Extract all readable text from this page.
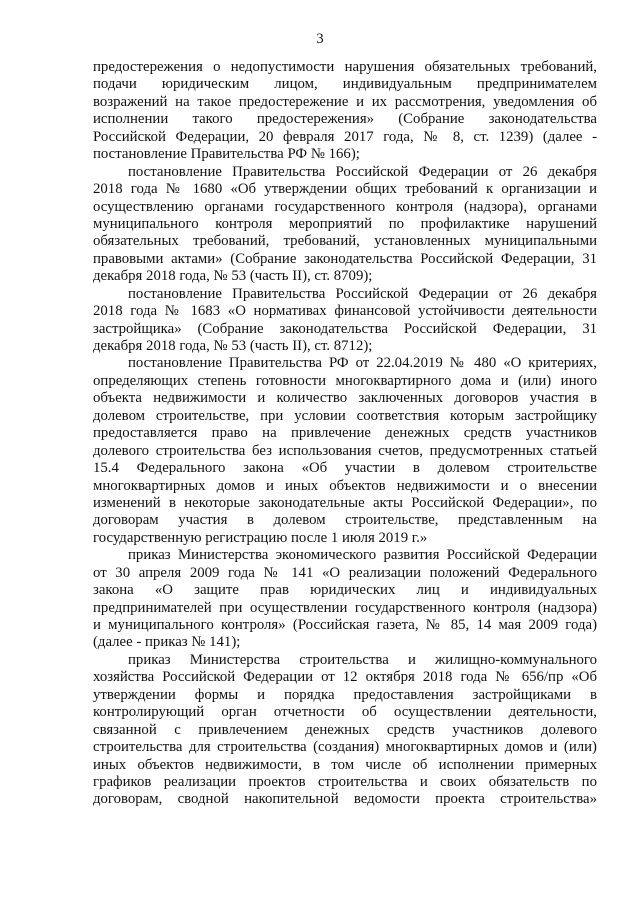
3
предостережения о недопустимости нарушения обязательных требований,
подачи юридическим лицом, индивидуальным предпринимателем
возражений на такое предостережение и их рассмотрения, уведомления об
исполнении такого предостережения» (Собрание законодательства
Российской Федерации, 20 февраля 2017 года, № 8, ст. 1239) (далее -
постановление Правительства РФ № 166);
постановление Правительства Российской Федерации от 26 декабря
2018 года № 1680 «Об утверждении общих требований к организации и
осуществлению органами государственного контроля (надзора), органами
муниципального контроля мероприятий по профилактике нарушений
обязательных требований, требований, установленных муниципальными
правовыми актами» (Собрание законодательства Российской Федерации, 31
декабря 2018 года, № 53 (часть II), ст. 8709);
постановление Правительства Российской Федерации от 26 декабря
2018 года № 1683 «О нормативах финансовой устойчивости деятельности
застройщика» (Собрание законодательства Российской Федерации, 31
декабря 2018 года, № 53 (часть II), ст. 8712);
постановление Правительства РФ от 22.04.2019 № 480 «О критериях,
определяющих степень готовности многоквартирного дома и (или) иного
объекта недвижимости и количество заключенных договоров участия в
долевом строительстве, при условии соответствия которым застройщику
предоставляется право на привлечение денежных средств участников
долевого строительства без использования счетов, предусмотренных статьей
15.4 Федерального закона «Об участии в долевом строительстве
многоквартирных домов и иных объектов недвижимости и о внесении
изменений в некоторые законодательные акты Российской Федерации», по
договорам участия в долевом строительстве, представленным на
государственную регистрацию после 1 июля 2019 г.»
приказ Министерства экономического развития Российской Федерации
от 30 апреля 2009 года № 141 «О реализации положений Федерального
закона «О защите прав юридических лиц и индивидуальных
предпринимателей при осуществлении государственного контроля (надзора)
и муниципального контроля» (Российская газета, № 85, 14 мая 2009 года)
(далее - приказ № 141);
приказ Министерства строительства и жилищно-коммунального
хозяйства Российской Федерации от 12 октября 2018 года № 656/пр «Об
утверждении формы и порядка предоставления застройщиками в
контролирующий орган отчетности об осуществлении деятельности,
связанной с привлечением денежных средств участников долевого
строительства для строительства (создания) многоквартирных домов и (или)
иных объектов недвижимости, в том числе об исполнении примерных
графиков реализации проектов строительства и своих обязательств по
договорам, сводной накопительной ведомости проекта строительства»
